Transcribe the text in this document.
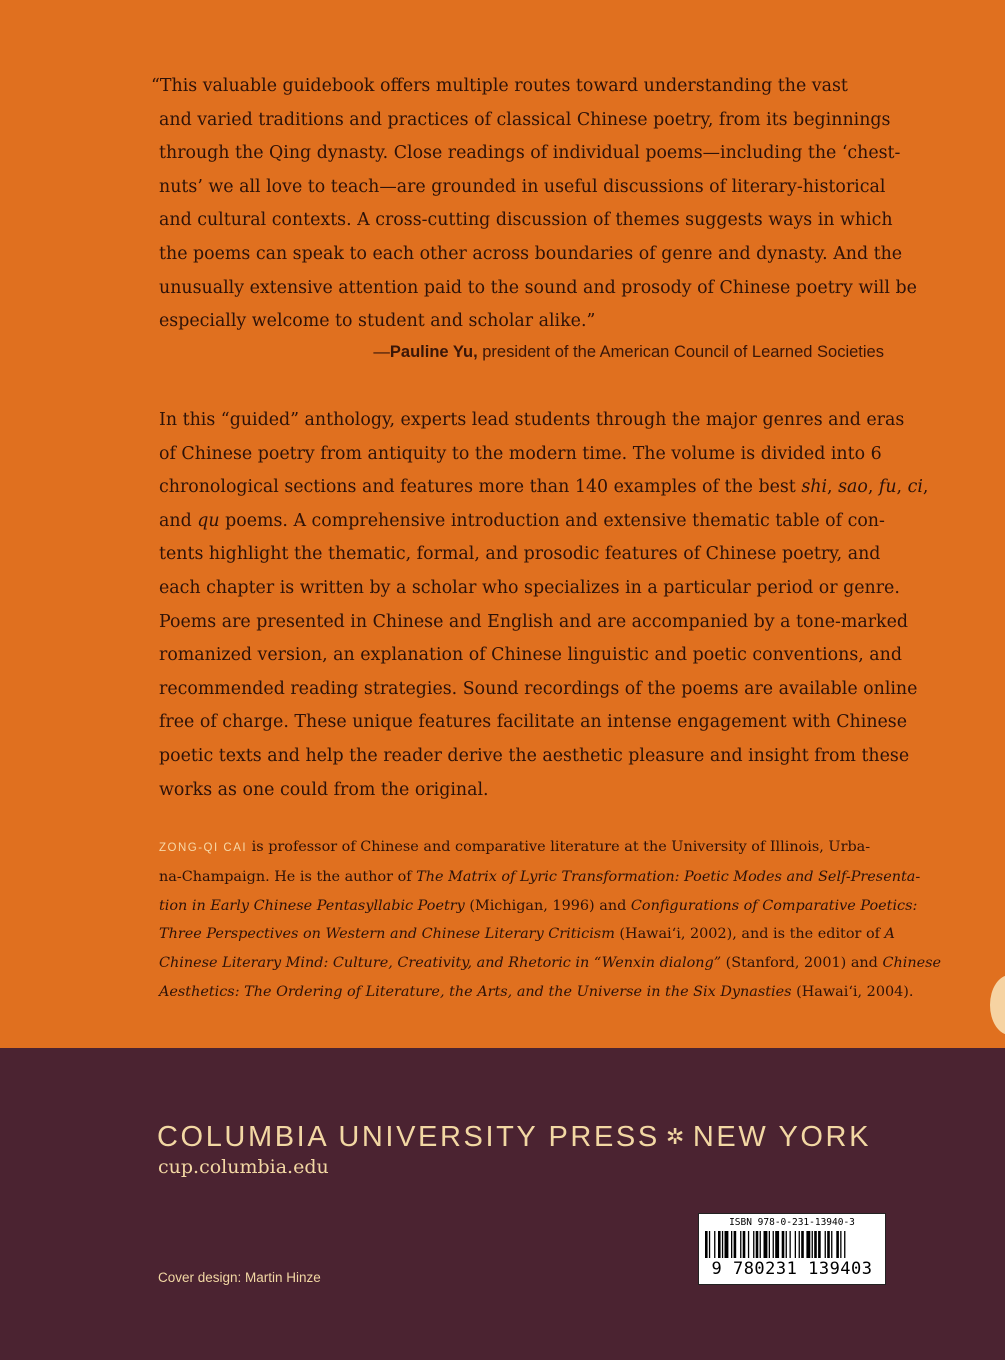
“This valuable guidebook offers multiple routes toward understanding the vast
and varied traditions and practices of classical Chinese poetry, from its beginnings
through the Qing dynasty. Close readings of individual poems—including the ‘chest-
nuts’ we all love to teach—are grounded in useful discussions of literary-historical
and cultural contexts. A cross-cutting discussion of themes suggests ways in which
the poems can speak to each other across boundaries of genre and dynasty. And the
unusually extensive attention paid to the sound and prosody of Chinese poetry will be
especially welcome to student and scholar alike.”

—Pauline Yu, president of the American Council of Learned Societies

In this “guided” anthology, experts lead students through the major genres and eras
of Chinese poetry from antiquity to the modern time. The volume is divided into 6
chronological sections and features more than 140 examples of the best shi, sao, fu, ci,
and qu poems. A comprehensive introduction and extensive thematic table of con-
tents highlight the thematic, formal, and prosodic features of Chinese poetry, and
each chapter is written by a scholar who specializes in a particular period or genre.
Poems are presented in Chinese and English and are accompanied by a tone-marked
romanized version, an explanation of Chinese linguistic and poetic conventions, and
recommended reading strategies. Sound recordings of the poems are available online
free of charge. These unique features facilitate an intense engagement with Chinese
poetic texts and help the reader derive the aesthetic pleasure and insight from these
works as one could from the original.

ZONG-QI CAI is professor of Chinese and comparative literature at the University of Illinois, Urba-
na-Champaign. He is the author of The Matrix of Lyric Transformation: Poetic Modes and Self-Presenta-
tion in Early Chinese Pentasyllabic Poetry (Michigan, 1996) and Configurations of Comparative Poetics:
Three Perspectives on Western and Chinese Literary Criticism (Hawai‘i, 2002), and is the editor of A
Chinese Literary Mind: Culture, Creativity, and Rhetoric in “Wenxin dialong” (Stanford, 2001) and Chinese
Aesthetics: The Ordering of Literature, the Arts, and the Universe in the Six Dynasties (Hawai‘i, 2004).

COLUMBIA UNIVERSITY PRESS ✲ NEW YORK

cup.columbia.edu

Cover design: Martin Hinze

ISBN 978-0-231-13940-3
9 780231 139403
